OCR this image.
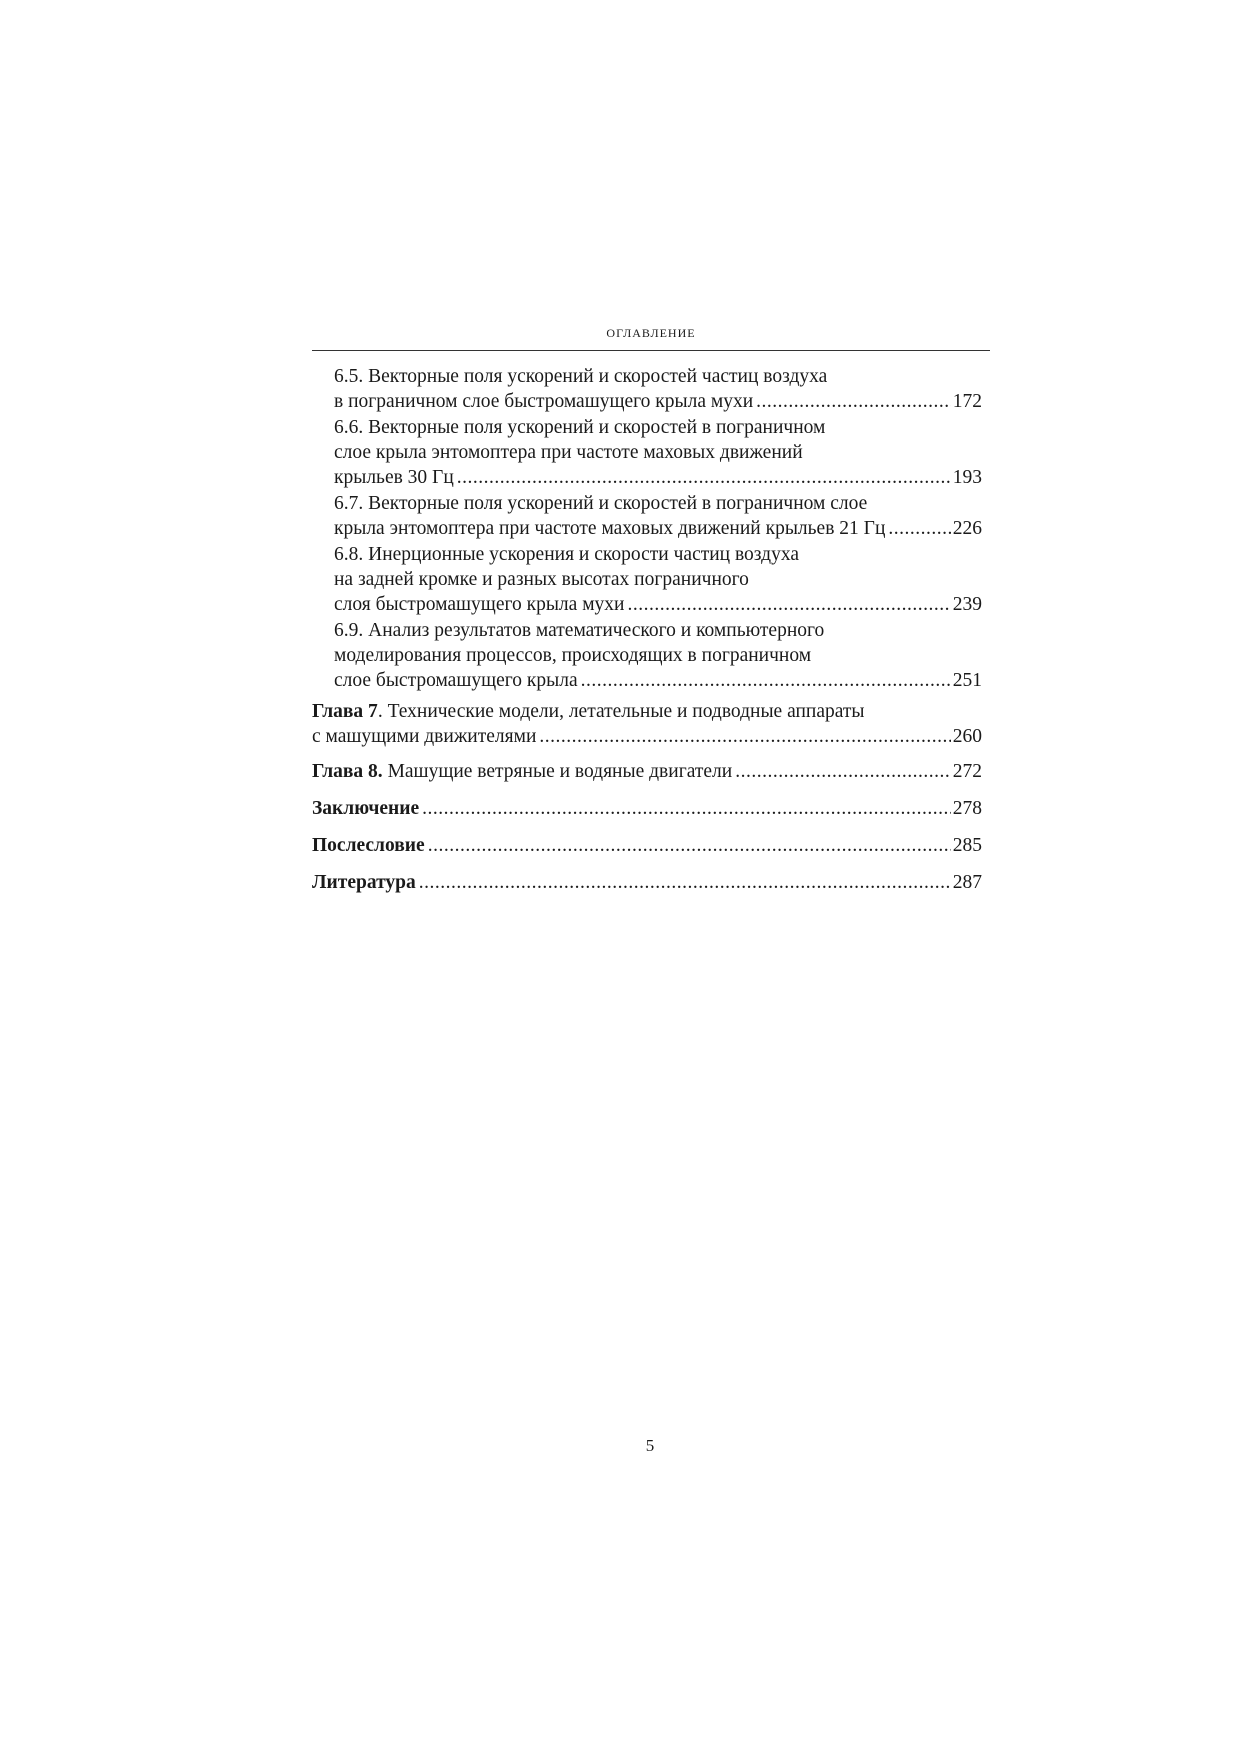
ОГЛАВЛЕНИЕ
6.5. Векторные поля ускорений и скоростей частиц воздуха
в пограничном слое быстромашущего крыла мухи .....	172
6.6. Векторные поля ускорений и скоростей в пограничном
слое крыла энтомоптера при частоте маховых движений
крыльев 30 Гц .....	193
6.7. Векторные поля ускорений и скоростей в пограничном слое
крыла энтомоптера при частоте маховых движений крыльев 21 Гц .....	226
6.8. Инерционные ускорения и скорости частиц воздуха
на задней кромке и разных высотах пограничного
слоя быстромашущего крыла мухи .....	239
6.9. Анализ результатов математического и компьютерного
моделирования процессов, происходящих в пограничном
слое быстромашущего крыла .....	251
Глава 7. Технические модели, летательные и подводные аппараты
с машущими движителями .....	260
Глава 8. Машущие ветряные и водяные двигатели .....	272
Заключение .....	278
Послесловие .....	285
Литература .....	287
5
